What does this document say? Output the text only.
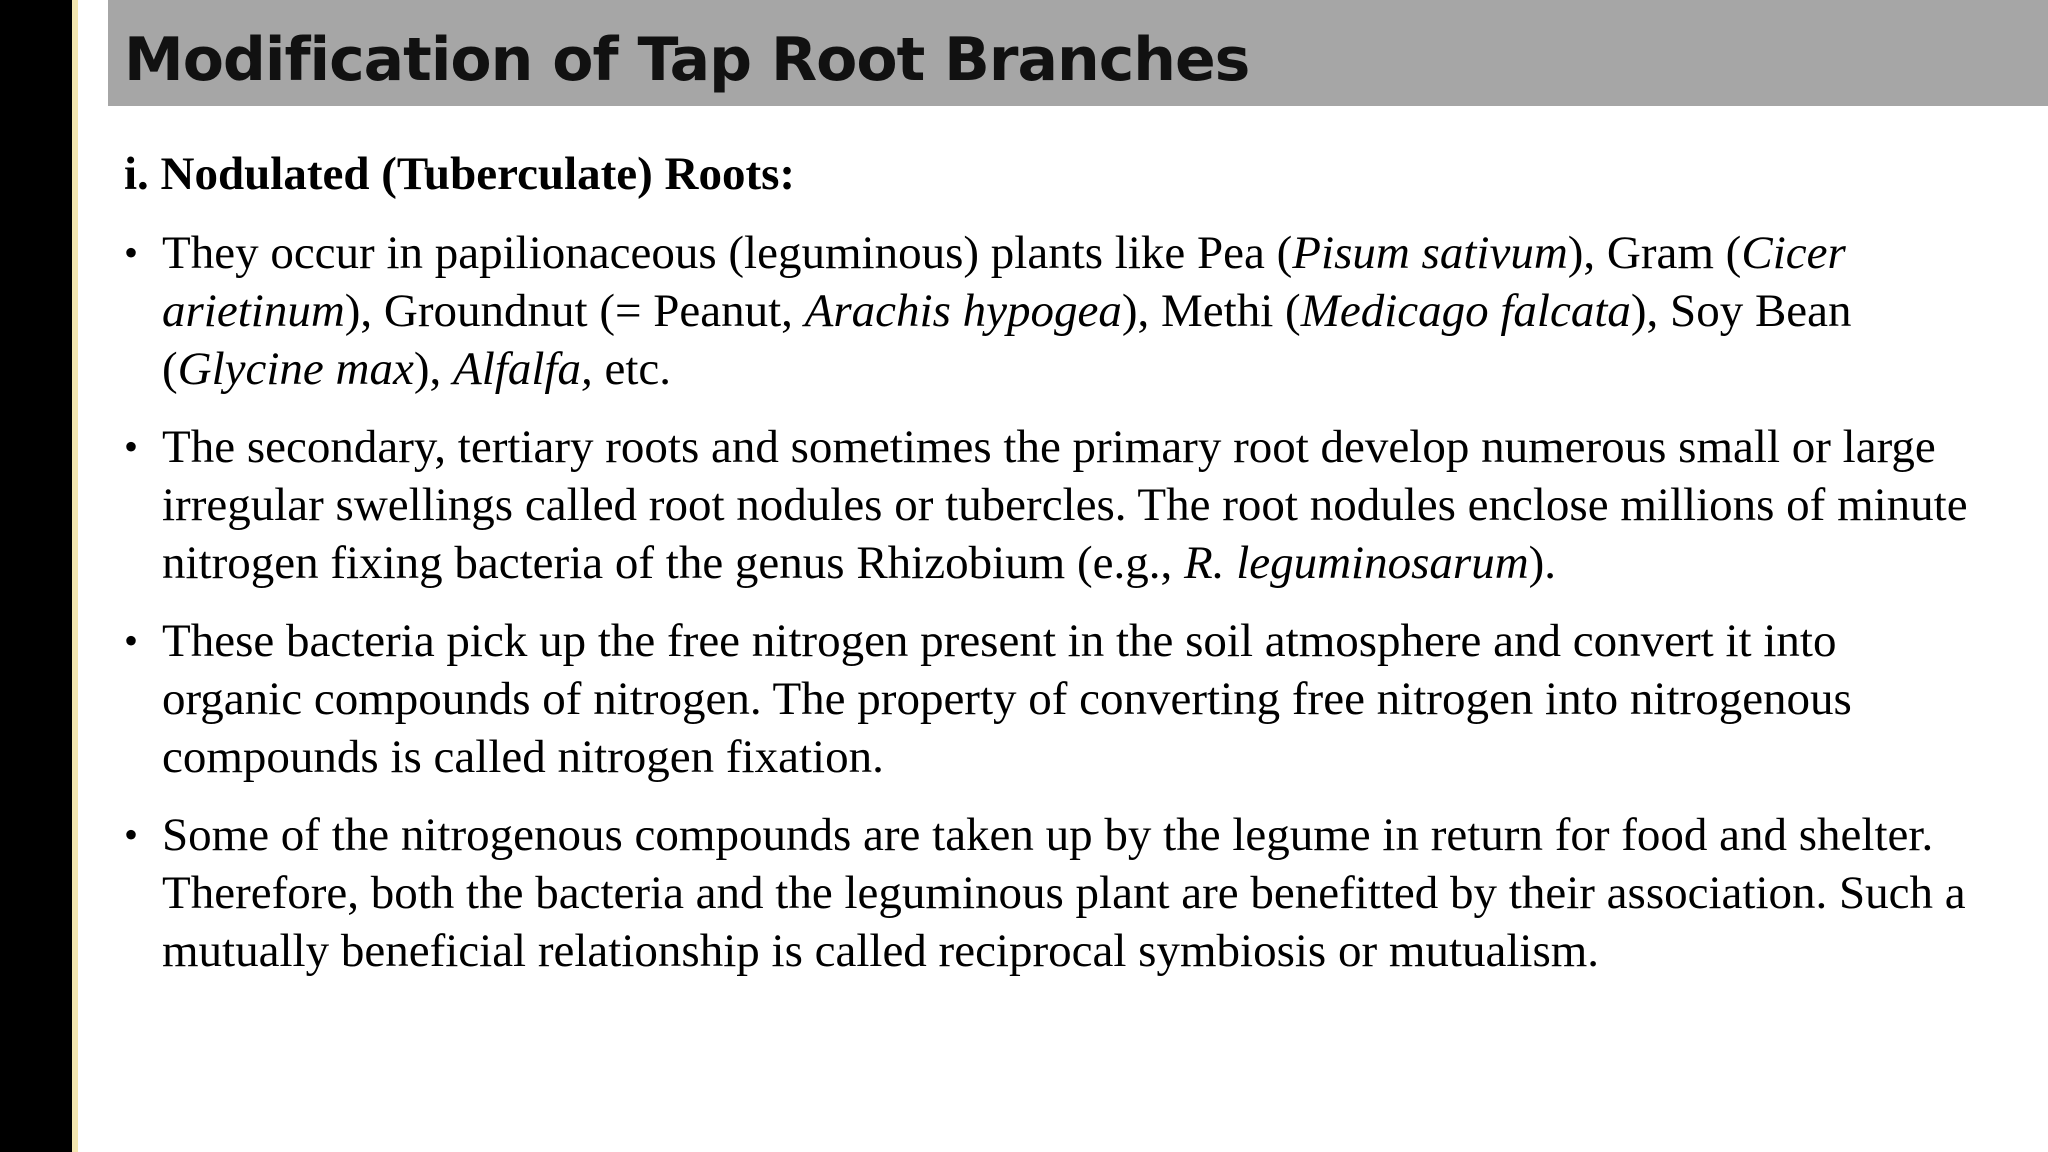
Modification of Tap Root Branches

i. Nodulated (Tuberculate) Roots:

• They occur in papilionaceous (leguminous) plants like Pea (Pisum sativum), Gram (Cicer arietinum), Groundnut (= Peanut, Arachis hypogea), Methi (Medicago falcata), Soy Bean (Glycine max), Alfalfa, etc.
• The secondary, tertiary roots and sometimes the primary root develop numerous small or large irregular swellings called root nodules or tubercles. The root nodules enclose millions of minute nitrogen fixing bacteria of the genus Rhizobium (e.g., R. leguminosarum).
• These bacteria pick up the free nitrogen present in the soil atmosphere and convert it into organic compounds of nitrogen. The property of converting free nitrogen into nitrogenous compounds is called nitrogen fixation.
• Some of the nitrogenous compounds are taken up by the legume in return for food and shelter. Therefore, both the bacteria and the leguminous plant are benefitted by their association. Such a mutually beneficial relationship is called reciprocal symbiosis or mutualism.
